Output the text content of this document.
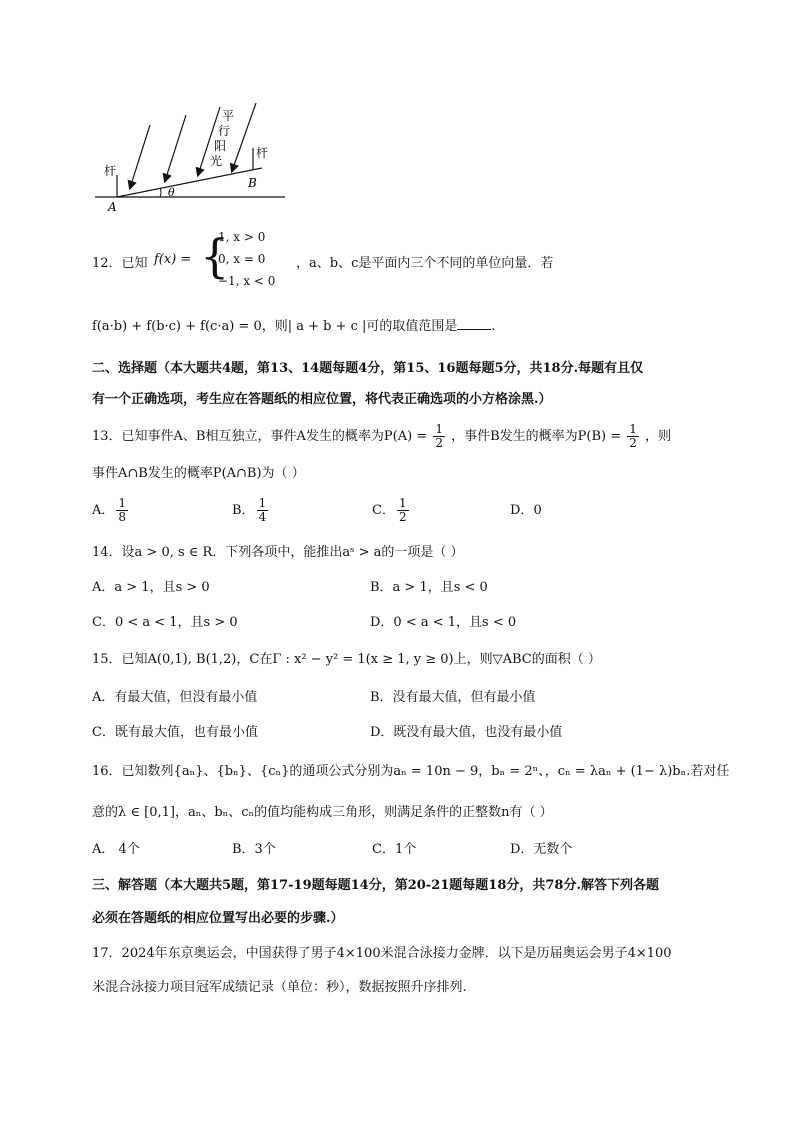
杆
杆
平
行
阳
光
A
B
θ
12．已知 f(x) = {
1, x > 0
0, x = 0
−1, x < 0
，a、b、c是平面内三个不同的单位向量．若
f(a·b) + f(b·c) + f(c·a) = 0，则| a + b + c |可的取值范围是	.
二、选择题（本大题共4题，第13、14题每题4分，第15、16题每题5分，共18分.每题有且仅
有一个正确选项，考生应在答题纸的相应位置，将代表正确选项的小方格涂黑.）
13．已知事件A、B相互独立，事件A发生的概率为$P(A) = \frac{1}{2}$ ，事件B发生的概率为$P(B) = \frac{1}{2}$ ，则
事件A∩B发生的概率P(A∩B)为（ ）
A． $\frac{1}{8}$	B． $\frac{1}{4}$	C． $\frac{1}{2}$	D．0
14．设a > 0, s ∈ R．下列各项中，能推出aˢ > a的一项是（ ）
A．a > 1，且s > 0	B．a > 1，且s < 0
C．0 < a < 1，且s > 0	D．0 < a < 1，且s < 0
15．已知A(0,1), B(1,2)，C在Γ : x² − y² = 1(x ≥ 1, y ≥ 0)上，则▽ABC的面积（ ）
A．有最大值，但没有最小值	B．没有最大值，但有最小值
C．既有最大值，也有最小值	D．既没有最大值，也没有最小值
16．已知数列{aₙ}、{bₙ}、{cₙ}的通项公式分别为aₙ = 10n − 9，bₙ = 2ⁿ、，cₙ = λaₙ + (1− λ)bₙ.若对任
意的λ ∈ [0,1]，aₙ、bₙ、cₙ的值均能构成三角形，则满足条件的正整数n有（ ）
A． 4个	B．3个	C．1个	D．无数个
三、解答题（本大题共5题，第17-19题每题14分，第20-21题每题18分，共78分.解答下列各题
必须在答题纸的相应位置写出必要的步骤.）
17．2024年东京奥运会，中国获得了男子4×100米混合泳接力金牌．以下是历届奥运会男子4×100
米混合泳接力项目冠军成绩记录（单位：秒），数据按照升序排列.
